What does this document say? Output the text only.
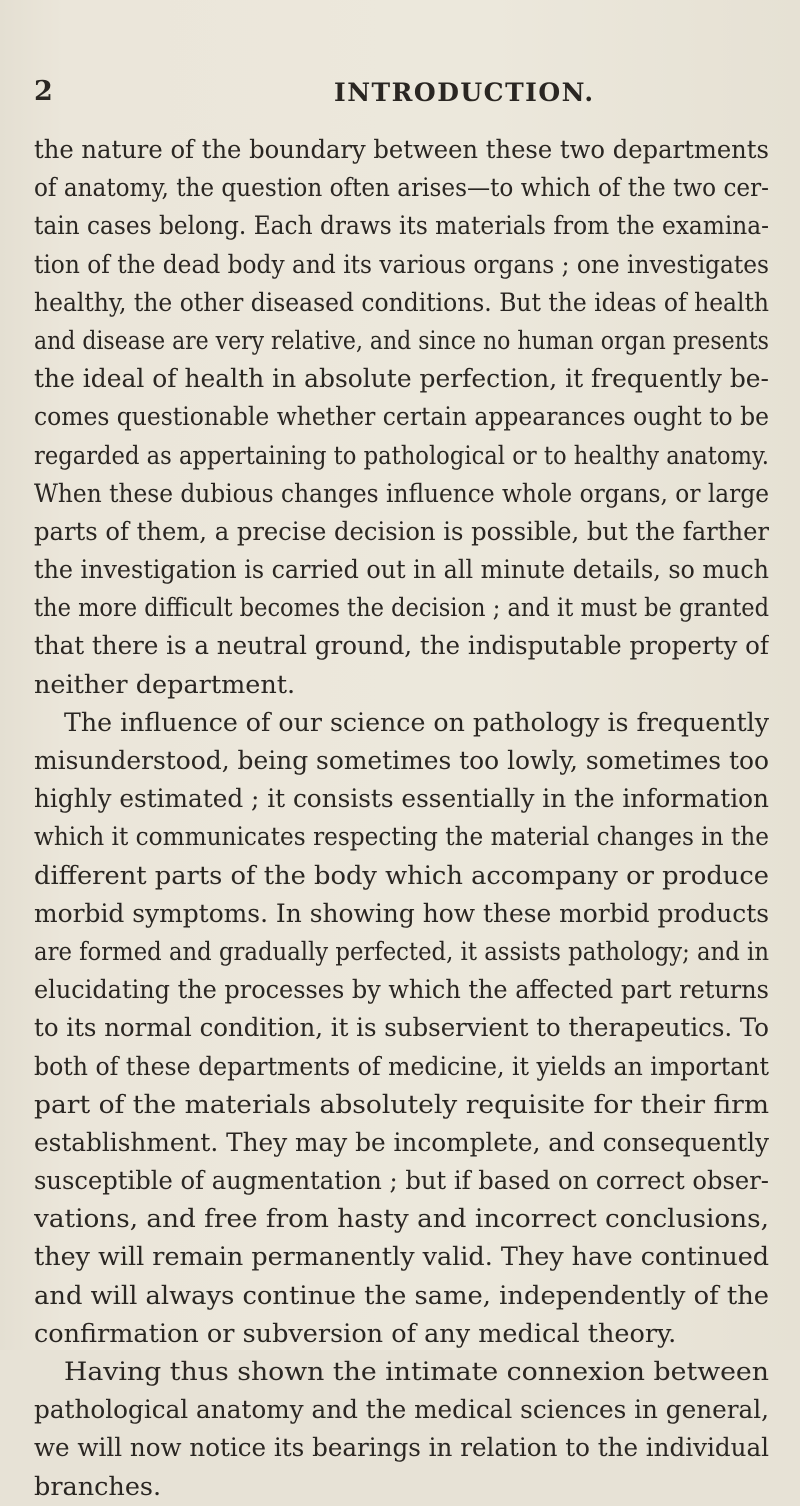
2	INTRODUCTION.
the nature of the boundary between these two departments
of anatomy, the question often arises—to which of the two cer-
tain cases belong. Each draws its materials from the examina-
tion of the dead body and its various organs ; one investigates
healthy, the other diseased conditions. But the ideas of health
and disease are very relative, and since no human organ presents
the ideal of health in absolute perfection, it frequently be-
comes questionable whether certain appearances ought to be
regarded as appertaining to pathological or to healthy anatomy.
When these dubious changes influence whole organs, or large
parts of them, a precise decision is possible, but the farther
the investigation is carried out in all minute details, so much
the more difficult becomes the decision ; and it must be granted
that there is a neutral ground, the indisputable property of
neither department.
The influence of our science on pathology is frequently
misunderstood, being sometimes too lowly, sometimes too
highly estimated ; it consists essentially in the information
which it communicates respecting the material changes in the
different parts of the body which accompany or produce
morbid symptoms. In showing how these morbid products
are formed and gradually perfected, it assists pathology; and in
elucidating the processes by which the affected part returns
to its normal condition, it is subservient to therapeutics. To
both of these departments of medicine, it yields an important
part of the materials absolutely requisite for their firm
establishment. They may be incomplete, and consequently
susceptible of augmentation ; but if based on correct obser-
vations, and free from hasty and incorrect conclusions,
they will remain permanently valid. They have continued
and will always continue the same, independently of the
confirmation or subversion of any medical theory.
Having thus shown the intimate connexion between
pathological anatomy and the medical sciences in general,
we will now notice its bearings in relation to the individual
branches.
